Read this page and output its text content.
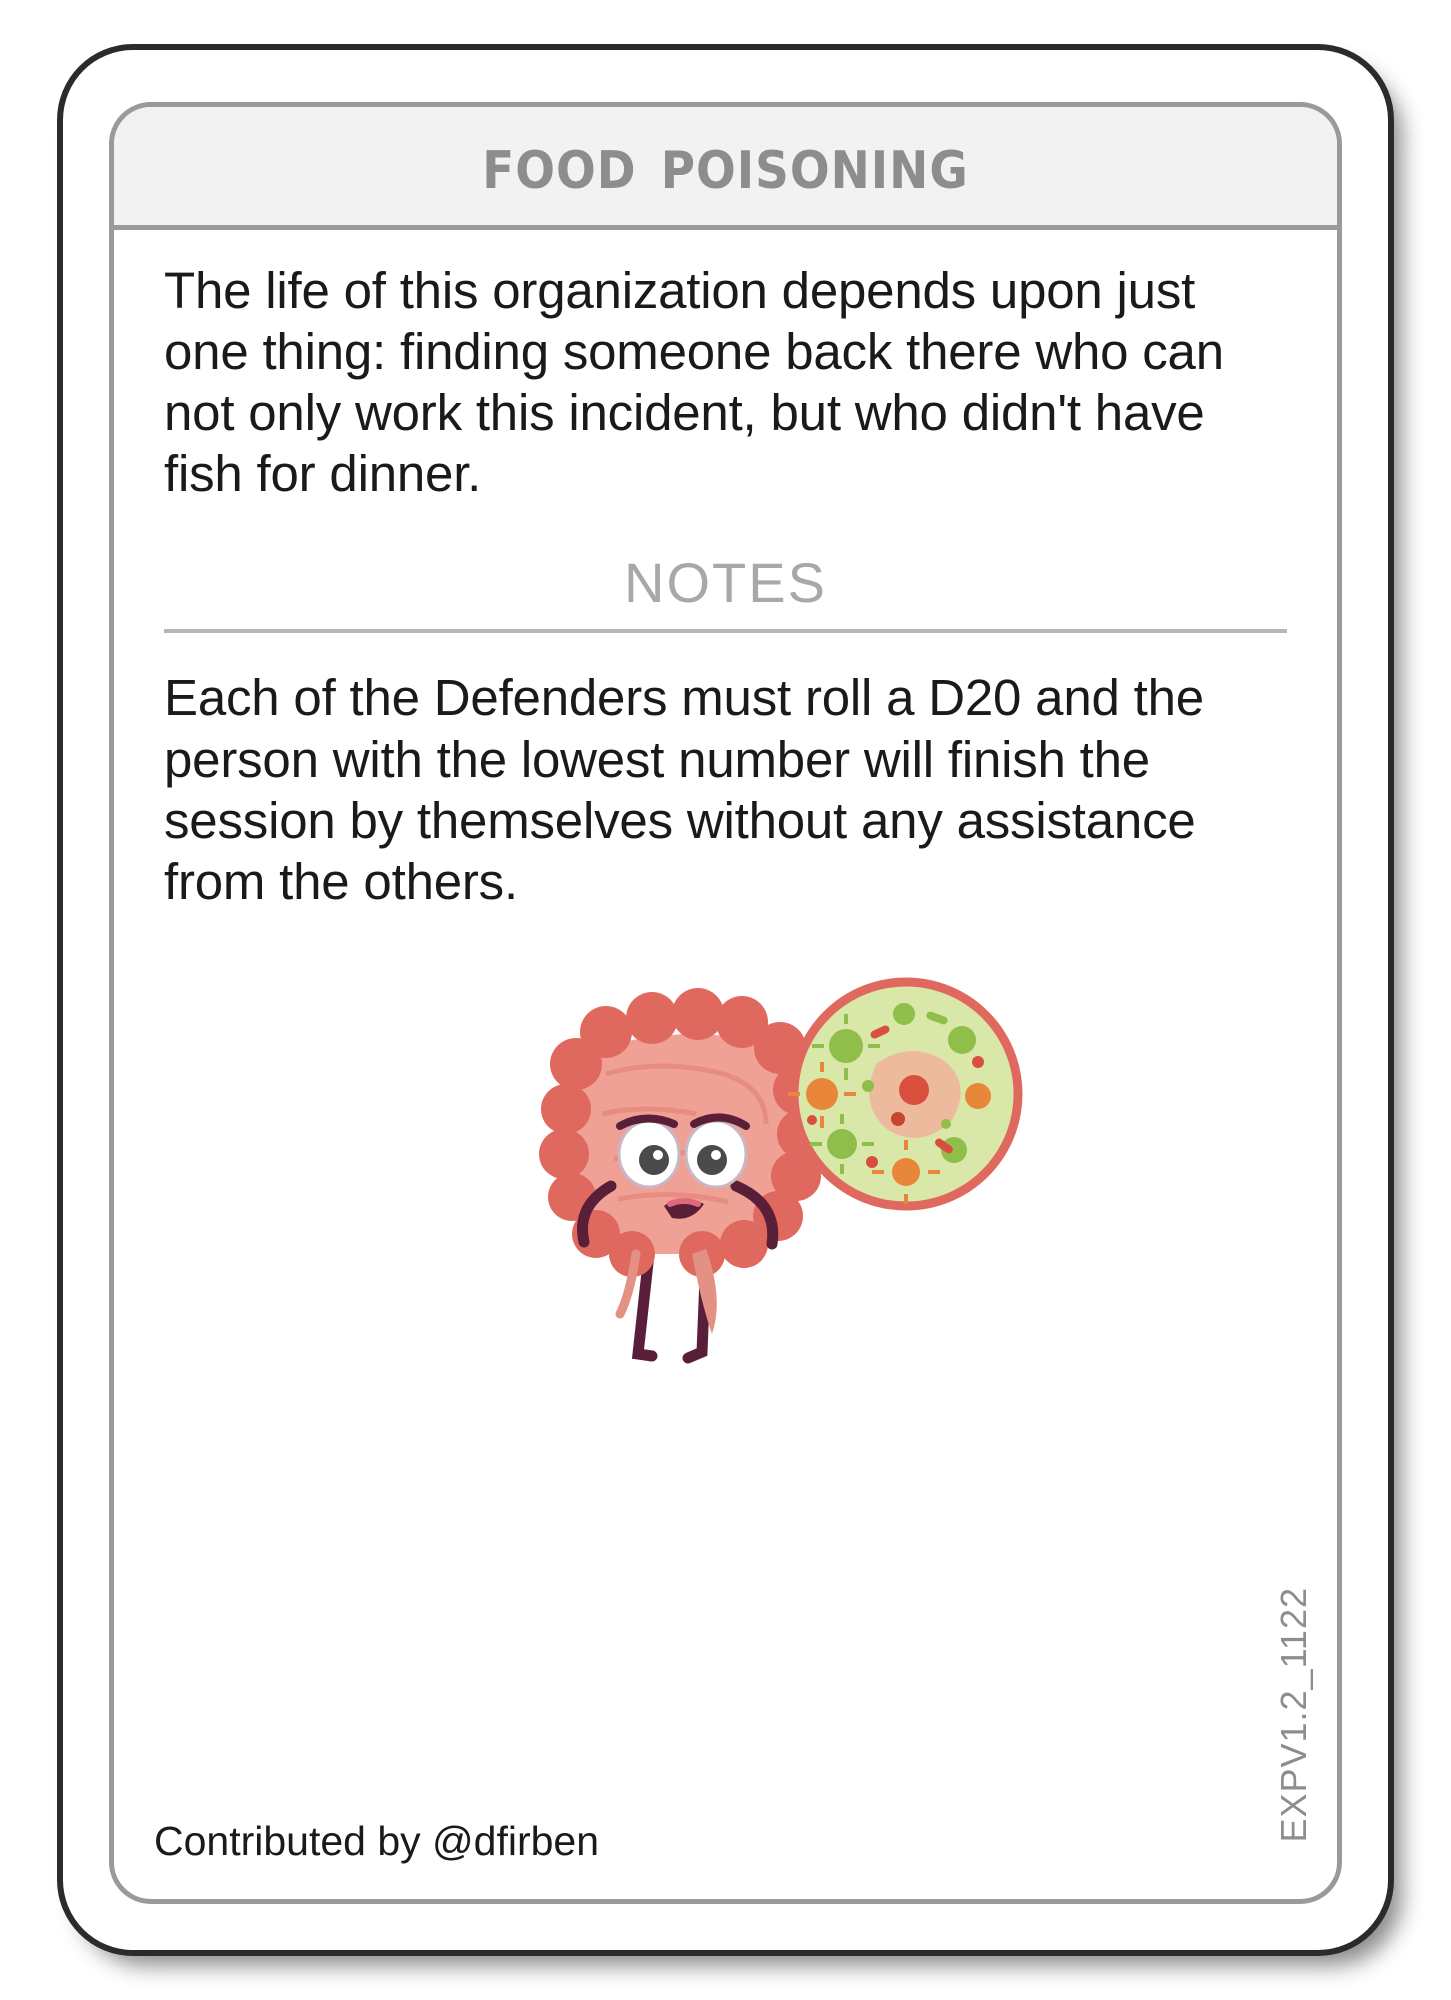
food poisoning
The life of this organization depends upon just one thing: finding someone back there who can not only work this incident, but who didn't have fish for dinner.
NOTES
Each of the Defenders must roll a D20 and the person with the lowest number will finish the session by themselves without any assistance from the others.
Contributed by @dfirben	EXPV1.2_1122
